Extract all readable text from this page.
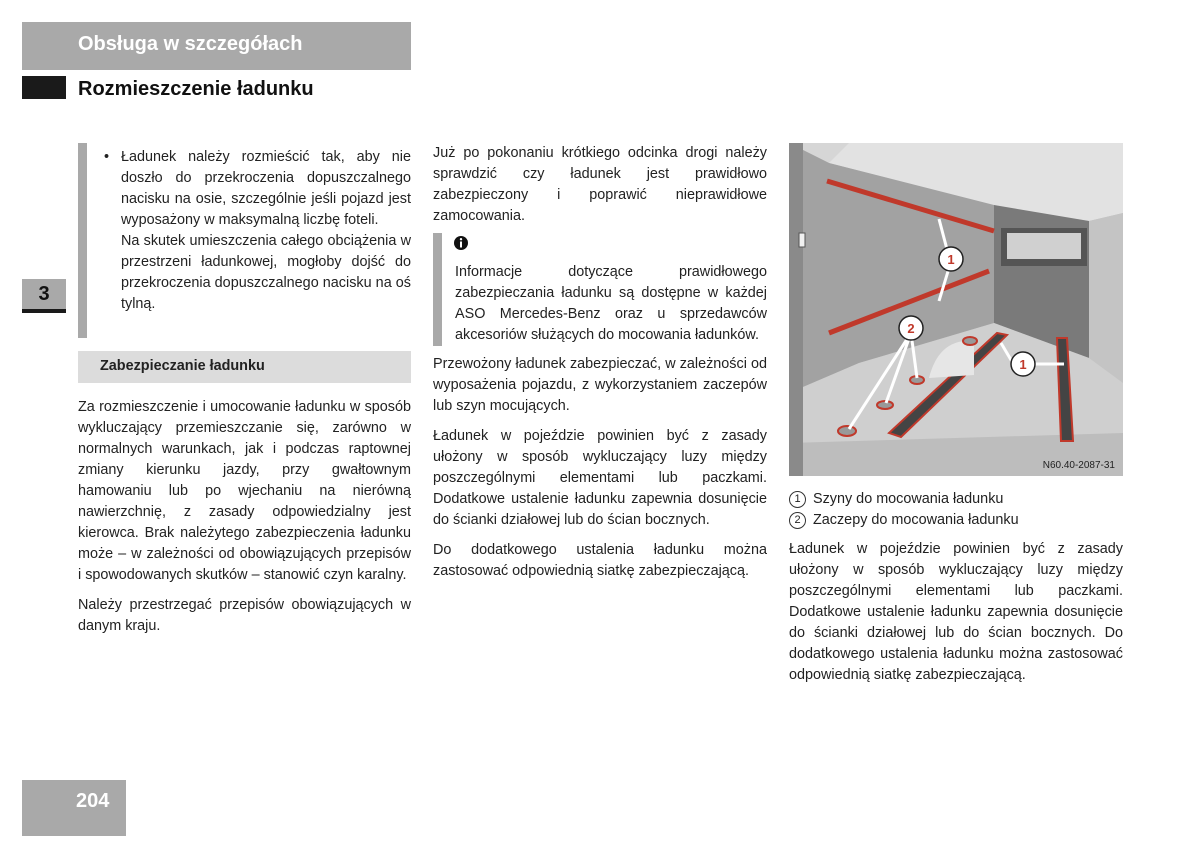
Obsługa w szczegółach
Rozmieszczenie ładunku
3
• Ładunek należy rozmieścić tak, aby nie doszło do przekroczenia dopuszczalnego nacisku na osie, szczególnie jeśli pojazd jest wyposażony w maksymalną liczbę foteli.
Na skutek umieszczenia całego obciążenia w przestrzeni ładunkowej, mogłoby dojść do przekroczenia dopuszczalnego nacisku na oś tylną.
Zabezpieczanie ładunku

Za rozmieszczenie i umocowanie ładunku w sposób wykluczający przemieszczanie się, zarówno w normalnych warunkach, jak i podczas raptownej zmiany kierunku jazdy, przy gwałtownym hamowaniu lub po wjechaniu na nierówną nawierzchnię, z zasady odpowiedzialny jest kierowca. Brak należytego zabezpieczenia ładunku może – w zależności od obowiązujących przepisów i spowodowanych skutków – stanowić czyn karalny.

Należy przestrzegać przepisów obowiązujących w danym kraju.

Już po pokonaniu krótkiego odcinka drogi należy sprawdzić czy ładunek jest prawidłowo zabezpieczony i poprawić nieprawidłowe zamocowania.

Informacje dotyczące prawidłowego zabezpieczania ładunku są dostępne w każdej ASO Mercedes-Benz oraz u sprzedawców akcesoriów służących do mocowania ładunków.

Przewożony ładunek zabezpieczać, w zależności od wyposażenia pojazdu, z wykorzystaniem zaczepów lub szyn mocujących.

Ładunek w pojeździe powinien być z zasady ułożony w sposób wykluczający luzy między poszczególnymi elementami lub paczkami. Dodatkowe ustalenie ładunku zapewnia dosunięcie do ścianki działowej lub do ścian bocznych.

Do dodatkowego ustalenia ładunku można zastosować odpowiednią siatkę zabezpieczającą.

1
2
1
N60.40-2087-31
1 Szyny do mocowania ładunku
2 Zaczepy do mocowania ładunku

Ładunek w pojeździe powinien być z zasady ułożony w sposób wykluczający luzy między poszczególnymi elementami lub paczkami. Dodatkowe ustalenie ładunku zapewnia dosunięcie do ścianki działowej lub do ścian bocznych. Do dodatkowego ustalenia ładunku można zastosować odpowiednią siatkę zabezpieczającą.

204
